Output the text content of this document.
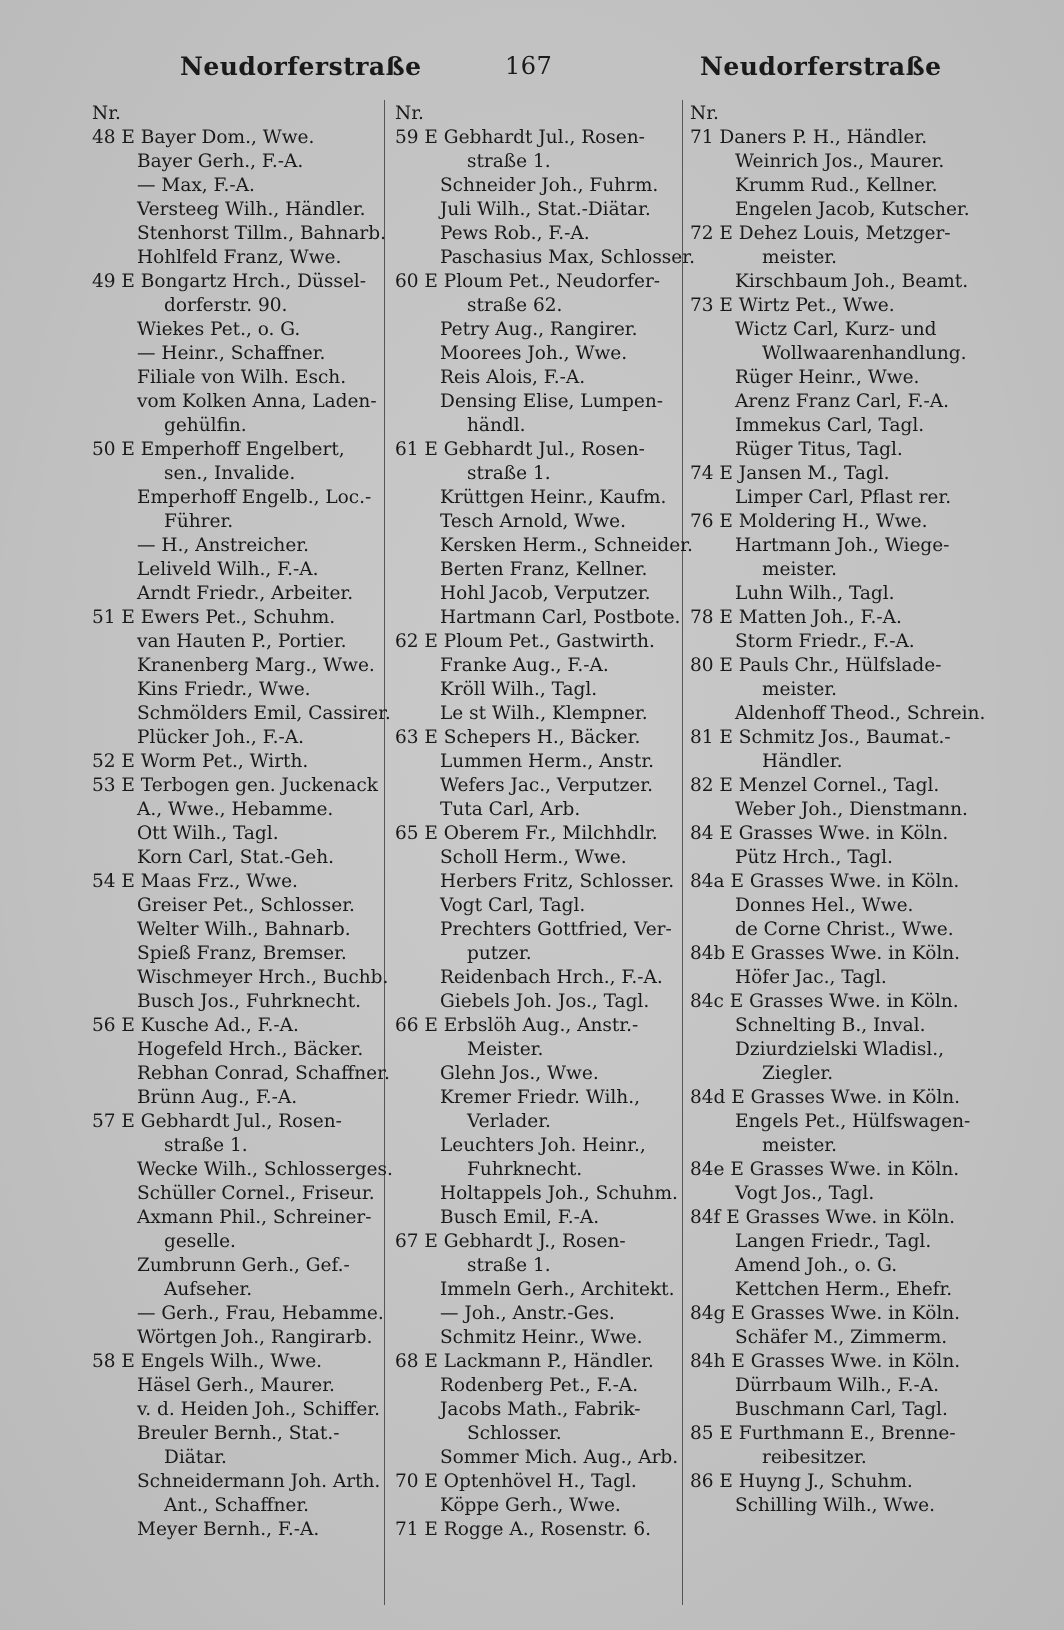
Neudorferstraße	167	Neudorferstraße
Nr.
48 E Bayer Dom., Wwe.
Bayer Gerh., F.-A.
— Max, F.-A.
Versteeg Wilh., Händler.
Stenhorst Tillm., Bahnarb.
Hohlfeld Franz, Wwe.
49 E Bongartz Hrch., Düssel-
dorferstr. 90.
Wiekes Pet., o. G.
— Heinr., Schaffner.
Filiale von Wilh. Esch.
vom Kolken Anna, Laden-
gehülfin.
50 E Emperhoff Engelbert,
sen., Invalide.
Emperhoff Engelb., Loc.-
Führer.
— H., Anstreicher.
Leliveld Wilh., F.-A.
Arndt Friedr., Arbeiter.
51 E Ewers Pet., Schuhm.
van Hauten P., Portier.
Kranenberg Marg., Wwe.
Kins Friedr., Wwe.
Schmölders Emil, Cassirer.
Plücker Joh., F.-A.
52 E Worm Pet., Wirth.
53 E Terbogen gen. Juckenack
A., Wwe., Hebamme.
Ott Wilh., Tagl.
Korn Carl, Stat.-Geh.
54 E Maas Frz., Wwe.
Greiser Pet., Schlosser.
Welter Wilh., Bahnarb.
Spieß Franz, Bremser.
Wischmeyer Hrch., Buchb.
Busch Jos., Fuhrknecht.
56 E Kusche Ad., F.-A.
Hogefeld Hrch., Bäcker.
Rebhan Conrad, Schaffner.
Brünn Aug., F.-A.
57 E Gebhardt Jul., Rosen-
straße 1.
Wecke Wilh., Schlosserges.
Schüller Cornel., Friseur.
Axmann Phil., Schreiner-
geselle.
Zumbrunn Gerh., Gef.-
Aufseher.
— Gerh., Frau, Hebamme.
Wörtgen Joh., Rangirarb.
58 E Engels Wilh., Wwe.
Häsel Gerh., Maurer.
v. d. Heiden Joh., Schiffer.
Breuler Bernh., Stat.-
Diätar.
Schneidermann Joh. Arth.
Ant., Schaffner.
Meyer Bernh., F.-A.
Nr.
59 E Gebhardt Jul., Rosen-
straße 1.
Schneider Joh., Fuhrm.
Juli Wilh., Stat.-Diätar.
Pews Rob., F.-A.
Paschasius Max, Schlosser.
60 E Ploum Pet., Neudorfer-
straße 62.
Petry Aug., Rangirer.
Moorees Joh., Wwe.
Reis Alois, F.-A.
Densing Elise, Lumpen-
händl.
61 E Gebhardt Jul., Rosen-
straße 1.
Krüttgen Heinr., Kaufm.
Tesch Arnold, Wwe.
Kersken Herm., Schneider.
Berten Franz, Kellner.
Hohl Jacob, Verputzer.
Hartmann Carl, Postbote.
62 E Ploum Pet., Gastwirth.
Franke Aug., F.-A.
Kröll Wilh., Tagl.
Le st Wilh., Klempner.
63 E Schepers H., Bäcker.
Lummen Herm., Anstr.
Wefers Jac., Verputzer.
Tuta Carl, Arb.
65 E Oberem Fr., Milchhdlr.
Scholl Herm., Wwe.
Herbers Fritz, Schlosser.
Vogt Carl, Tagl.
Prechters Gottfried, Ver-
putzer.
Reidenbach Hrch., F.-A.
Giebels Joh. Jos., Tagl.
66 E Erbslöh Aug., Anstr.-
Meister.
Glehn Jos., Wwe.
Kremer Friedr. Wilh.,
Verlader.
Leuchters Joh. Heinr.,
Fuhrknecht.
Holtappels Joh., Schuhm.
Busch Emil, F.-A.
67 E Gebhardt J., Rosen-
straße 1.
Immeln Gerh., Architekt.
— Joh., Anstr.-Ges.
Schmitz Heinr., Wwe.
68 E Lackmann P., Händler.
Rodenberg Pet., F.-A.
Jacobs Math., Fabrik-
Schlosser.
Sommer Mich. Aug., Arb.
70 E Optenhövel H., Tagl.
Köppe Gerh., Wwe.
71 E Rogge A., Rosenstr. 6.
Nr.
71 Daners P. H., Händler.
Weinrich Jos., Maurer.
Krumm Rud., Kellner.
Engelen Jacob, Kutscher.
72 E Dehez Louis, Metzger-
meister.
Kirschbaum Joh., Beamt.
73 E Wirtz Pet., Wwe.
Wictz Carl, Kurz- und
Wollwaarenhandlung.
Rüger Heinr., Wwe.
Arenz Franz Carl, F.-A.
Immekus Carl, Tagl.
Rüger Titus, Tagl.
74 E Jansen M., Tagl.
Limper Carl, Pflast rer.
76 E Moldering H., Wwe.
Hartmann Joh., Wiege-
meister.
Luhn Wilh., Tagl.
78 E Matten Joh., F.-A.
Storm Friedr., F.-A.
80 E Pauls Chr., Hülfslade-
meister.
Aldenhoff Theod., Schrein.
81 E Schmitz Jos., Baumat.-
Händler.
82 E Menzel Cornel., Tagl.
Weber Joh., Dienstmann.
84 E Grasses Wwe. in Köln.
Pütz Hrch., Tagl.
84a E Grasses Wwe. in Köln.
Donnes Hel., Wwe.
de Corne Christ., Wwe.
84b E Grasses Wwe. in Köln.
Höfer Jac., Tagl.
84c E Grasses Wwe. in Köln.
Schnelting B., Inval.
Dziurdzielski Wladisl.,
Ziegler.
84d E Grasses Wwe. in Köln.
Engels Pet., Hülfswagen-
meister.
84e E Grasses Wwe. in Köln.
Vogt Jos., Tagl.
84f E Grasses Wwe. in Köln.
Langen Friedr., Tagl.
Amend Joh., o. G.
Kettchen Herm., Ehefr.
84g E Grasses Wwe. in Köln.
Schäfer M., Zimmerm.
84h E Grasses Wwe. in Köln.
Dürrbaum Wilh., F.-A.
Buschmann Carl, Tagl.
85 E Furthmann E., Brenne-
reibesitzer.
86 E Huyng J., Schuhm.
Schilling Wilh., Wwe.
